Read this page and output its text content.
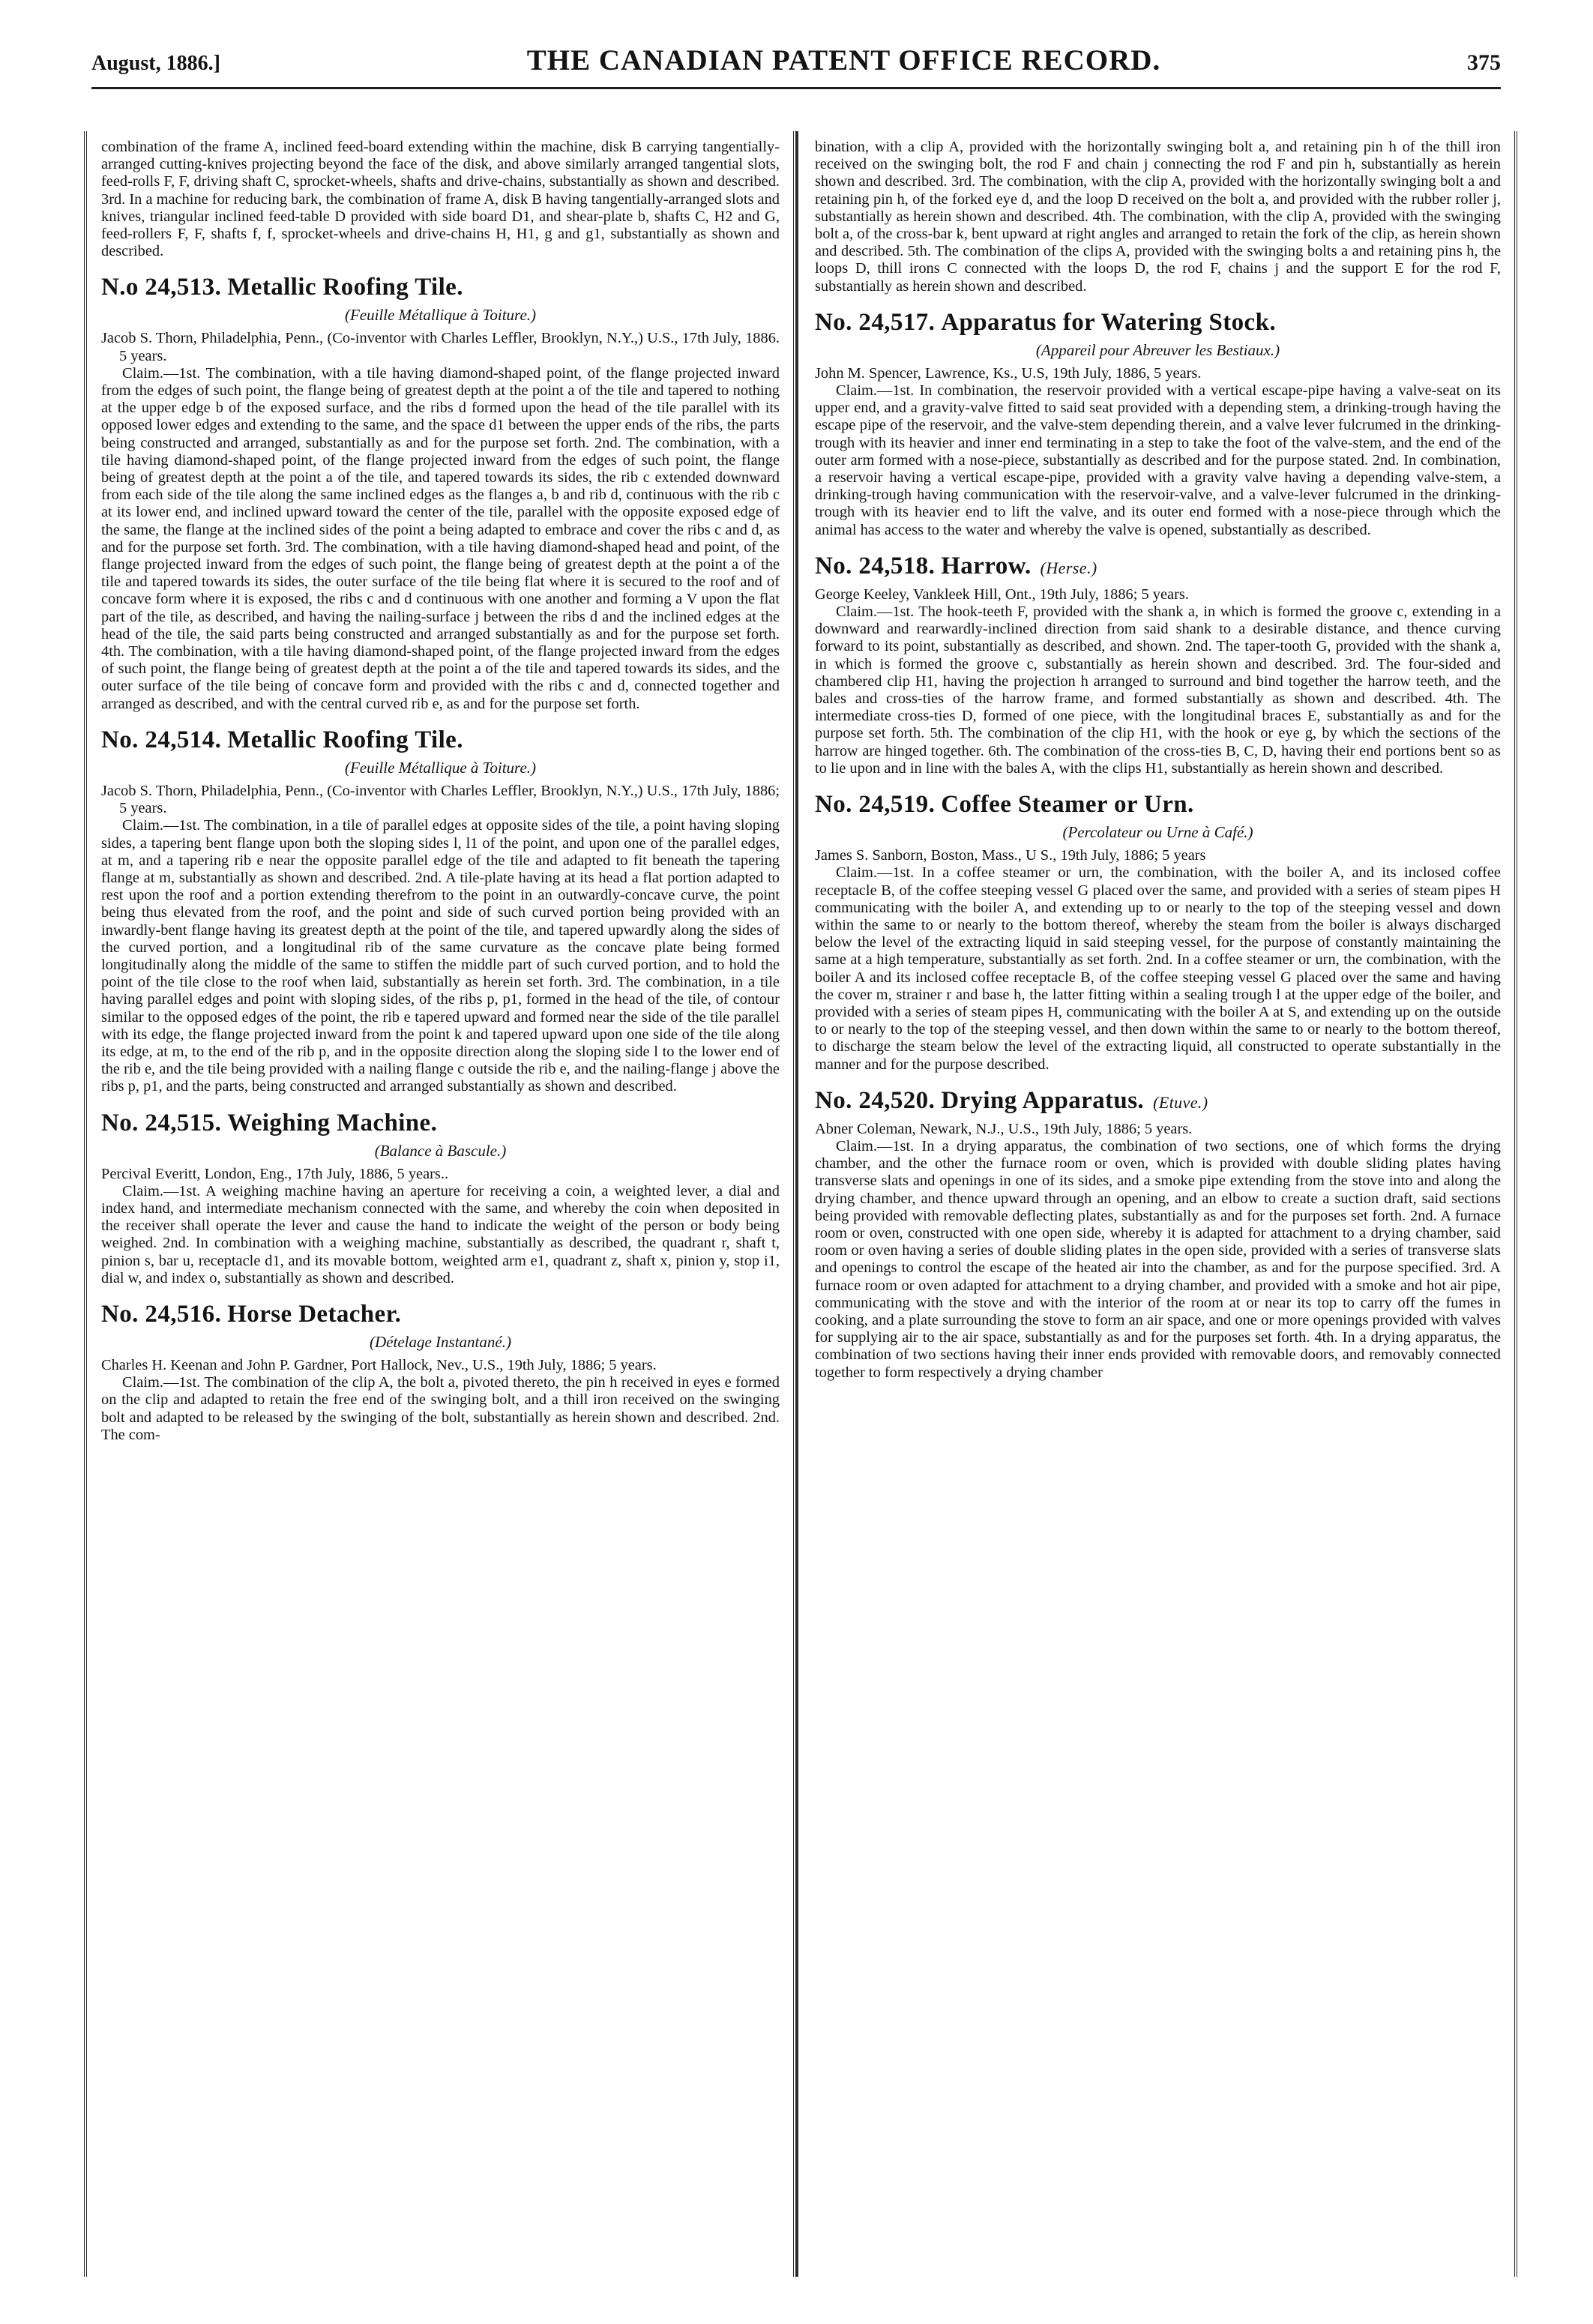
August, 1886.]	THE CANADIAN PATENT OFFICE RECORD.	375

combination of the frame A, inclined feed-board extending within the machine, disk B carrying tangentially-arranged cutting-knives projecting beyond the face of the disk, and above similarly arranged tangential slots, feed-rolls F, F, driving shaft C, sprocket-wheels, shafts and drive-chains, substantially as shown and described. 3rd. In a machine for reducing bark, the combination of frame A, disk B having tangentially-arranged slots and knives, triangular inclined feed-table D provided with side board D1, and shear-plate b, shafts C, H2 and G, feed-rollers F, F, shafts f, f, sprocket-wheels and drive-chains H, H1, g and g1, substantially as shown and described.

N.o 24,513. Metallic Roofing Tile.
(Feuille Métallique à Toiture.)

Jacob S. Thorn, Philadelphia, Penn., (Co-inventor with Charles Leffler, Brooklyn, N.Y.,) U.S., 17th July, 1886. 5 years.

Claim.—1st. The combination, with a tile having diamond-shaped point, of the flange projected inward from the edges of such point, the flange being of greatest depth at the point a of the tile and tapered to nothing at the upper edge b of the exposed surface, and the ribs d formed upon the head of the tile parallel with its opposed lower edges and extending to the same, and the space d1 between the upper ends of the ribs, the parts being constructed and arranged, substantially as and for the purpose set forth. 2nd. The combination, with a tile having diamond-shaped point, of the flange projected inward from the edges of such point, the flange being of greatest depth at the point a of the tile, and tapered towards its sides, the rib c extended downward from each side of the tile along the same inclined edges as the flanges a, b and rib d, continuous with the rib c at its lower end, and inclined upward toward the center of the tile, parallel with the opposite exposed edge of the same, the flange at the inclined sides of the point a being adapted to embrace and cover the ribs c and d, as and for the purpose set forth. 3rd. The combination, with a tile having diamond-shaped head and point, of the flange projected inward from the edges of such point, the flange being of greatest depth at the point a of the tile and tapered towards its sides, the outer surface of the tile being flat where it is secured to the roof and of concave form where it is exposed, the ribs c and d continuous with one another and forming a V upon the flat part of the tile, as described, and having the nailing-surface j between the ribs d and the inclined edges at the head of the tile, the said parts being constructed and arranged substantially as and for the purpose set forth. 4th. The combination, with a tile having diamond-shaped point, of the flange projected inward from the edges of such point, the flange being of greatest depth at the point a of the tile and tapered towards its sides, and the outer surface of the tile being of concave form and provided with the ribs c and d, connected together and arranged as described, and with the central curved rib e, as and for the purpose set forth.

No. 24,514. Metallic Roofing Tile.
(Feuille Métallique à Toiture.)

Jacob S. Thorn, Philadelphia, Penn., (Co-inventor with Charles Leffler, Brooklyn, N.Y.,) U.S., 17th July, 1886; 5 years.

Claim.—1st. The combination, in a tile of parallel edges at opposite sides of the tile, a point having sloping sides, a tapering bent flange upon both the sloping sides l, l1 of the point, and upon one of the parallel edges, at m, and a tapering rib e near the opposite parallel edge of the tile and adapted to fit beneath the tapering flange at m, substantially as shown and described. 2nd. A tile-plate having at its head a flat portion adapted to rest upon the roof and a portion extending therefrom to the point in an outwardly-concave curve, the point being thus elevated from the roof, and the point and side of such curved portion being provided with an inwardly-bent flange having its greatest depth at the point of the tile, and tapered upwardly along the sides of the curved portion, and a longitudinal rib of the same curvature as the concave plate being formed longitudinally along the middle of the same to stiffen the middle part of such curved portion, and to hold the point of the tile close to the roof when laid, substantially as herein set forth. 3rd. The combination, in a tile having parallel edges and point with sloping sides, of the ribs p, p1, formed in the head of the tile, of contour similar to the opposed edges of the point, the rib e tapered upward and formed near the side of the tile parallel with its edge, the flange projected inward from the point k and tapered upward upon one side of the tile along its edge, at m, to the end of the rib p, and in the opposite direction along the sloping side l to the lower end of the rib e, and the tile being provided with a nailing flange c outside the rib e, and the nailing-flange j above the ribs p, p1, and the parts, being constructed and arranged substantially as shown and described.

No. 24,515. Weighing Machine.
(Balance à Bascule.)

Percival Everitt, London, Eng., 17th July, 1886, 5 years..

Claim.—1st. A weighing machine having an aperture for receiving a coin, a weighted lever, a dial and index hand, and intermediate mechanism connected with the same, and whereby the coin when deposited in the receiver shall operate the lever and cause the hand to indicate the weight of the person or body being weighed. 2nd. In combination with a weighing machine, substantially as described, the quadrant r, shaft t, pinion s, bar u, receptacle d1, and its movable bottom, weighted arm e1, quadrant z, shaft x, pinion y, stop i1, dial w, and index o, substantially as shown and described.

No. 24,516. Horse Detacher.
(Dételage Instantané.)

Charles H. Keenan and John P. Gardner, Port Hallock, Nev., U.S., 19th July, 1886; 5 years.

Claim.—1st. The combination of the clip A, the bolt a, pivoted thereto, the pin h received in eyes e formed on the clip and adapted to retain the free end of the swinging bolt, and a thill iron received on the swinging bolt and adapted to be released by the swinging of the bolt, substantially as herein shown and described. 2nd. The com-

bination, with a clip A, provided with the horizontally swinging bolt a, and retaining pin h of the thill iron received on the swinging bolt, the rod F and chain j connecting the rod F and pin h, substantially as herein shown and described. 3rd. The combination, with the clip A, provided with the horizontally swinging bolt a and retaining pin h, of the forked eye d, and the loop D received on the bolt a, and provided with the rubber roller j, substantially as herein shown and described. 4th. The combination, with the clip A, provided with the swinging bolt a, of the cross-bar k, bent upward at right angles and arranged to retain the fork of the clip, as herein shown and described. 5th. The combination of the clips A, provided with the swinging bolts a and retaining pins h, the loops D, thill irons C connected with the loops D, the rod F, chains j and the support E for the rod F, substantially as herein shown and described.

No. 24,517. Apparatus for Watering Stock.
(Appareil pour Abreuver les Bestiaux.)

John M. Spencer, Lawrence, Ks., U.S, 19th July, 1886, 5 years.

Claim.—1st. In combination, the reservoir provided with a vertical escape-pipe having a valve-seat on its upper end, and a gravity-valve fitted to said seat provided with a depending stem, a drinking-trough having the escape pipe of the reservoir, and the valve-stem depending therein, and a valve lever fulcrumed in the drinking-trough with its heavier and inner end terminating in a step to take the foot of the valve-stem, and the end of the outer arm formed with a nose-piece, substantially as described and for the purpose stated. 2nd. In combination, a reservoir having a vertical escape-pipe, provided with a gravity valve having a depending valve-stem, a drinking-trough having communication with the reservoir-valve, and a valve-lever fulcrumed in the drinking-trough with its heavier end to lift the valve, and its outer end formed with a nose-piece through which the animal has access to the water and whereby the valve is opened, substantially as described.

No. 24,518. Harrow. (Herse.)

George Keeley, Vankleek Hill, Ont., 19th July, 1886; 5 years.

Claim.—1st. The hook-teeth F, provided with the shank a, in which is formed the groove c, extending in a downward and rearwardly-inclined direction from said shank to a desirable distance, and thence curving forward to its point, substantially as described, and shown. 2nd. The taper-tooth G, provided with the shank a, in which is formed the groove c, substantially as herein shown and described. 3rd. The four-sided and chambered clip H1, having the projection h arranged to surround and bind together the harrow teeth, and the bales and cross-ties of the harrow frame, and formed substantially as shown and described. 4th. The intermediate cross-ties D, formed of one piece, with the longitudinal braces E, substantially as and for the purpose set forth. 5th. The combination of the clip H1, with the hook or eye g, by which the sections of the harrow are hinged together. 6th. The combination of the cross-ties B, C, D, having their end portions bent so as to lie upon and in line with the bales A, with the clips H1, substantially as herein shown and described.

No. 24,519. Coffee Steamer or Urn.
(Percolateur ou Urne à Café.)

James S. Sanborn, Boston, Mass., U S., 19th July, 1886; 5 years

Claim.—1st. In a coffee steamer or urn, the combination, with the boiler A, and its inclosed coffee receptacle B, of the coffee steeping vessel G placed over the same, and provided with a series of steam pipes H communicating with the boiler A, and extending up to or nearly to the top of the steeping vessel and down within the same to or nearly to the bottom thereof, whereby the steam from the boiler is always discharged below the level of the extracting liquid in said steeping vessel, for the purpose of constantly maintaining the same at a high temperature, substantially as set forth. 2nd. In a coffee steamer or urn, the combination, with the boiler A and its inclosed coffee receptacle B, of the coffee steeping vessel G placed over the same and having the cover m, strainer r and base h, the latter fitting within a sealing trough l at the upper edge of the boiler, and provided with a series of steam pipes H, communicating with the boiler A at S, and extending up on the outside to or nearly to the top of the steeping vessel, and then down within the same to or nearly to the bottom thereof, to discharge the steam below the level of the extracting liquid, all constructed to operate substantially in the manner and for the purpose described.

No. 24,520. Drying Apparatus. (Etuve.)

Abner Coleman, Newark, N.J., U.S., 19th July, 1886; 5 years.

Claim.—1st. In a drying apparatus, the combination of two sections, one of which forms the drying chamber, and the other the furnace room or oven, which is provided with double sliding plates having transverse slats and openings in one of its sides, and a smoke pipe extending from the stove into and along the drying chamber, and thence upward through an opening, and an elbow to create a suction draft, said sections being provided with removable deflecting plates, substantially as and for the purposes set forth. 2nd. A furnace room or oven, constructed with one open side, whereby it is adapted for attachment to a drying chamber, said room or oven having a series of double sliding plates in the open side, provided with a series of transverse slats and openings to control the escape of the heated air into the chamber, as and for the purpose specified. 3rd. A furnace room or oven adapted for attachment to a drying chamber, and provided with a smoke and hot air pipe, communicating with the stove and with the interior of the room at or near its top to carry off the fumes in cooking, and a plate surrounding the stove to form an air space, and one or more openings provided with valves for supplying air to the air space, substantially as and for the purposes set forth. 4th. In a drying apparatus, the combination of two sections having their inner ends provided with removable doors, and removably connected together to form respectively a drying chamber
